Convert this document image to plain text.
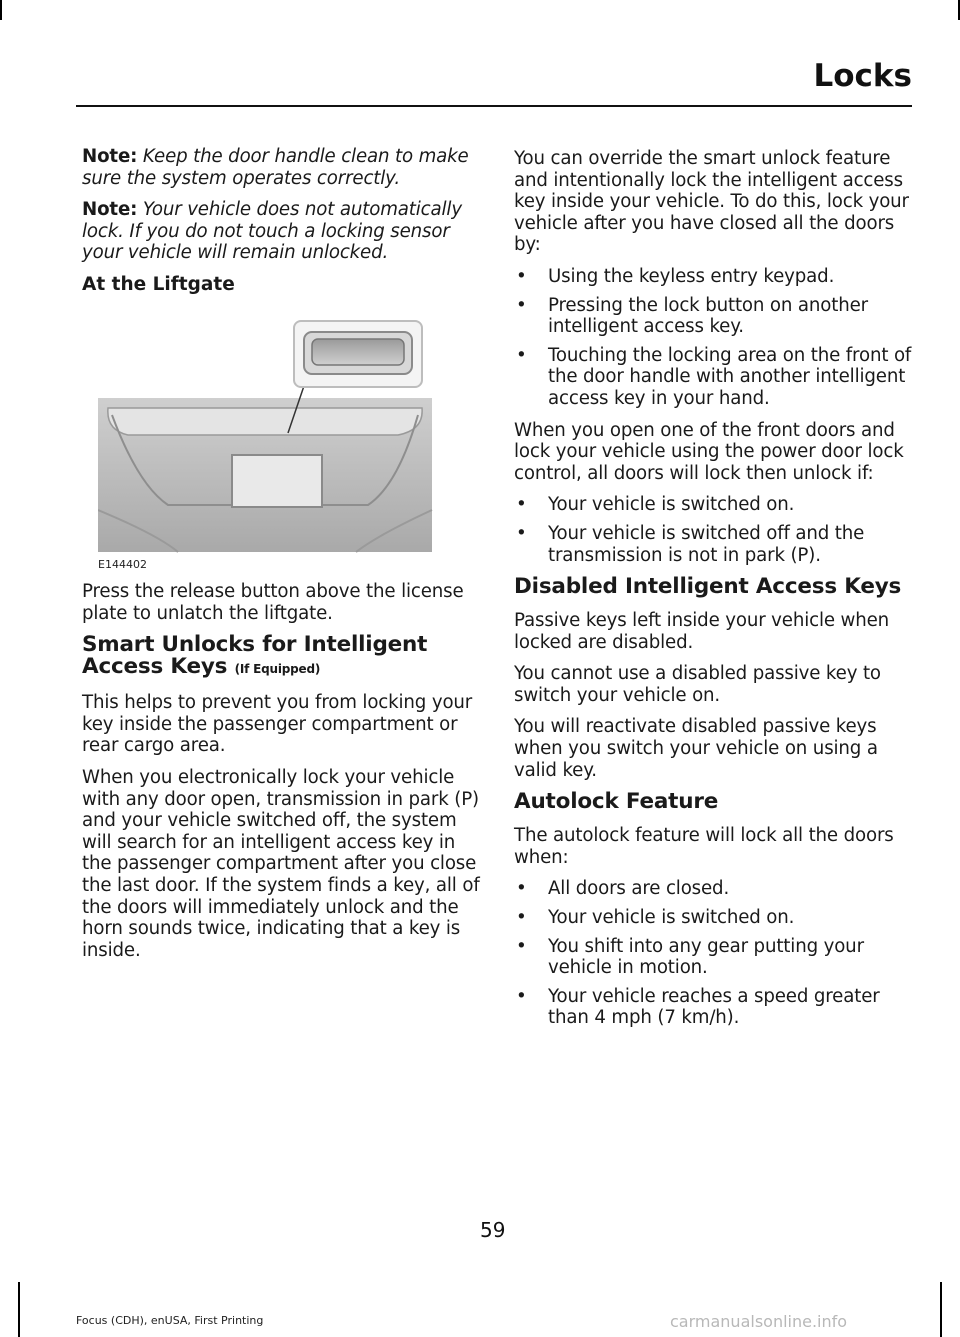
Locks

Note: Keep the door handle clean to make sure the system operates correctly.

Note: Your vehicle does not automatically lock. If you do not touch a locking sensor your vehicle will remain unlocked.

At the Liftgate
E144402

Press the release button above the license plate to unlatch the liftgate.

Smart Unlocks for Intelligent Access Keys (If Equipped)

This helps to prevent you from locking your key inside the passenger compartment or rear cargo area.

When you electronically lock your vehicle with any door open, transmission in park (P) and your vehicle switched off, the system will search for an intelligent access key in the passenger compartment after you close the last door. If the system finds a key, all of the doors will immediately unlock and the horn sounds twice, indicating that a key is inside.

You can override the smart unlock feature and intentionally lock the intelligent access key inside your vehicle. To do this, lock your vehicle after you have closed all the doors by:

• Using the keyless entry keypad.
• Pressing the lock button on another intelligent access key.
• Touching the locking area on the front of the door handle with another intelligent access key in your hand.

When you open one of the front doors and lock your vehicle using the power door lock control, all doors will lock then unlock if:

• Your vehicle is switched on.
• Your vehicle is switched off and the transmission is not in park (P).
Disabled Intelligent Access Keys

Passive keys left inside your vehicle when locked are disabled.

You cannot use a disabled passive key to switch your vehicle on.

You will reactivate disabled passive keys when you switch your vehicle on using a valid key.

Autolock Feature

The autolock feature will lock all the doors when:

• All doors are closed.
• Your vehicle is switched on.
• You shift into any gear putting your vehicle in motion.
• Your vehicle reaches a speed greater than 4 mph (7 km/h).
59
Focus (CDH), enUSA, First Printing	carmanualsonline.info
